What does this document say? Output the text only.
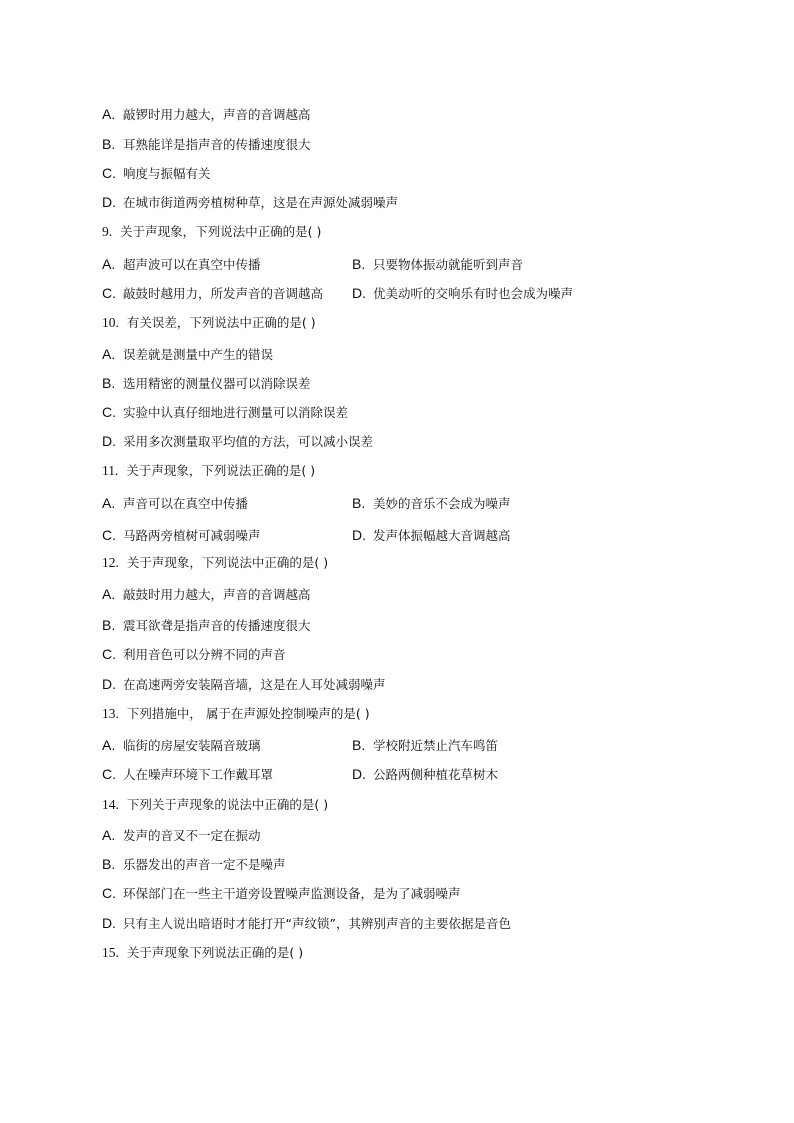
A. 敲锣时用力越大，声音的音调越高
B. 耳熟能详是指声音的传播速度很大
C. 响度与振幅有关
D. 在城市街道两旁植树种草，这是在声源处减弱噪声
9. 关于声现象，下列说法中正确的是( )
A. 超声波可以在真空中传播	B. 只要物体振动就能听到声音
C. 敲鼓时越用力，所发声音的音调越高 D. 优美动听的交响乐有时也会成为噪声
10. 有关误差，下列说法中正确的是( )
A. 误差就是测量中产生的错误
B. 选用精密的测量仪器可以消除误差
C. 实验中认真仔细地进行测量可以消除误差
D. 采用多次测量取平均值的方法，可以减小误差
11. 关于声现象，下列说法正确的是( )
A. 声音可以在真空中传播	B. 美妙的音乐不会成为噪声
C. 马路两旁植树可减弱噪声	D. 发声体振幅越大音调越高
12. 关于声现象，下列说法中正确的是( )
A. 敲鼓时用力越大，声音的音调越高
B. 震耳欲聋是指声音的传播速度很大
C. 利用音色可以分辨不同的声音
D. 在高速两旁安装隔音墙，这是在人耳处减弱噪声
13. 下列措施中， 属于在声源处控制噪声的是( )
A. 临街的房屋安装隔音玻璃	B. 学校附近禁止汽车鸣笛
C. 人在噪声环境下工作戴耳罩	D. 公路两侧种植花草树木
14. 下列关于声现象的说法中正确的是( )
A. 发声的音叉不一定在振动
B. 乐器发出的声音一定不是噪声
C. 环保部门在一些主干道旁设置噪声监测设备，是为了减弱噪声
D. 只有主人说出暗语时才能打开“声纹锁”，其辨别声音的主要依据是音色
15. 关于声现象下列说法正确的是( )
